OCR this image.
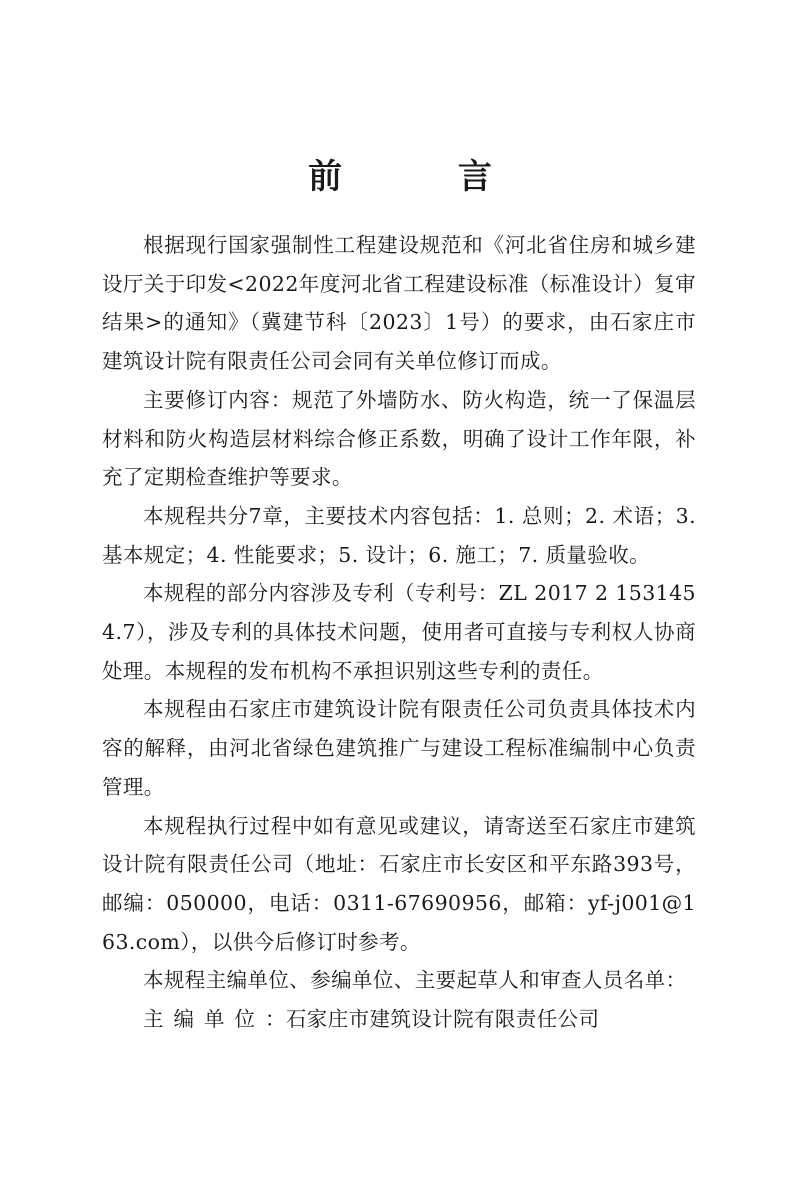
前 言

根据现行国家强制性工程建设规范和《河北省住房和城乡建设厅关于印发<2022年度河北省工程建设标准（标准设计）复审结果>的通知》（冀建节科〔2023〕1号）的要求，由石家庄市建筑设计院有限责任公司会同有关单位修订而成。

主要修订内容：规范了外墙防水、防火构造，统一了保温层材料和防火构造层材料综合修正系数，明确了设计工作年限，补充了定期检查维护等要求。

本规程共分7章，主要技术内容包括：1. 总则；2. 术语；3. 基本规定；4. 性能要求；5. 设计；6. 施工；7. 质量验收。

本规程的部分内容涉及专利（专利号：ZL 2017 2 1531454.7），涉及专利的具体技术问题，使用者可直接与专利权人协商处理。本规程的发布机构不承担识别这些专利的责任。

本规程由石家庄市建筑设计院有限责任公司负责具体技术内容的解释，由河北省绿色建筑推广与建设工程标准编制中心负责管理。

本规程执行过程中如有意见或建议，请寄送至石家庄市建筑设计院有限责任公司（地址：石家庄市长安区和平东路393号，邮编：050000，电话：0311-67690956，邮箱：yf-j001@163.com），以供今后修订时参考。

本规程主编单位、参编单位、主要起草人和审查人员名单：

主编单位：石家庄市建筑设计院有限责任公司
